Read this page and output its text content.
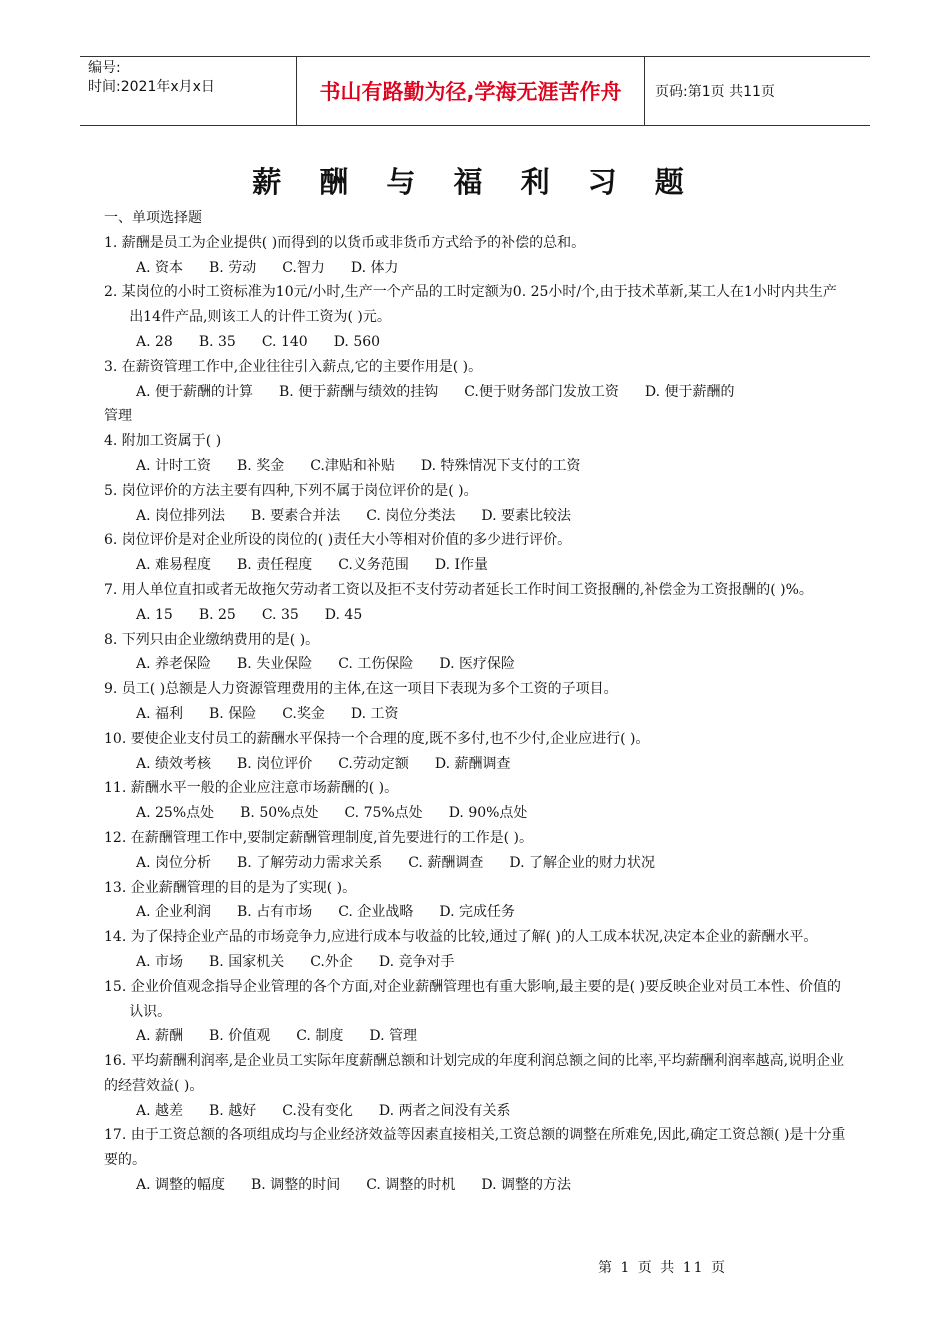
编号:
时间:2021年x月x日	书山有路勤为径,学海无涯苦作舟	页码:第1页 共11页
薪 酬 与 福 利 习 题
一、单项选择题
1. 薪酬是员工为企业提供( )而得到的以货币或非货币方式给予的补偿的总和。
A. 资本 B. 劳动 C.智力 D. 体力
2. 某岗位的小时工资标准为10元/小时,生产一个产品的工时定额为0. 25小时/个,由于技术革新,某工人在1小时内共生产出14件产品,则该工人的计件工资为( )元。
A. 28 B. 35 C. 140 D. 560
3. 在薪资管理工作中,企业往往引入薪点,它的主要作用是( )。
A. 便于薪酬的计算 B. 便于薪酬与绩效的挂钩 C.便于财务部门发放工资 D. 便于薪酬的
管理
4. 附加工资属于( )
A. 计时工资 B. 奖金 C.津贴和补贴 D. 特殊情况下支付的工资
5. 岗位评价的方法主要有四种,下列不属于岗位评价的是( )。
A. 岗位排列法 B. 要素合并法 C. 岗位分类法 D. 要素比较法
6. 岗位评价是对企业所设的岗位的( )责任大小等相对价值的多少进行评价。
A. 难易程度 B. 责任程度 C.义务范围 D. I作量
7. 用人单位直扣或者无故拖欠劳动者工资以及拒不支付劳动者延长工作时间工资报酬的,补偿金为工资报酬的( )%。
A. 15 B. 25 C. 35 D. 45
8. 下列只由企业缴纳费用的是( )。
A. 养老保险 B. 失业保险 C. 工伤保险 D. 医疗保险
9. 员工( )总额是人力资源管理费用的主体,在这一项目下表现为多个工资的子项目。
A. 福利 B. 保险 C.奖金 D. 工资
10. 要使企业支付员工的薪酬水平保持一个合理的度,既不多付,也不少付,企业应进行( )。
A. 绩效考核 B. 岗位评价 C.劳动定额 D. 薪酬调查
11. 薪酬水平一般的企业应注意市场薪酬的( )。
A. 25%点处 B. 50%点处 C. 75%点处 D. 90%点处
12. 在薪酬管理工作中,要制定薪酬管理制度,首先要进行的工作是( )。
A. 岗位分析 B. 了解劳动力需求关系 C. 薪酬调查 D. 了解企业的财力状况
13. 企业薪酬管理的目的是为了实现( )。
A. 企业利润 B. 占有市场 C. 企业战略 D. 完成任务
14. 为了保持企业产品的市场竞争力,应进行成本与收益的比较,通过了解( )的人工成本状况,决定本企业的薪酬水平。
A. 市场 B. 国家机关 C.外企 D. 竞争对手
15. 企业价值观念指导企业管理的各个方面,对企业薪酬管理也有重大影响,最主要的是( )要反映企业对员工本性、价值的认识。
A. 薪酬 B. 价值观 C. 制度 D. 管理
16. 平均薪酬利润率,是企业员工实际年度薪酬总额和计划完成的年度利润总额之间的比率,平均薪酬利润率越高,说明企业的经营效益( )。
A. 越差 B. 越好 C.没有变化 D. 两者之间没有关系
17. 由于工资总额的各项组成均与企业经济效益等因素直接相关,工资总额的调整在所难免,因此,确定工资总额( )是十分重要的。
A. 调整的幅度 B. 调整的时间 C. 调整的时机 D. 调整的方法
第 1 页 共 11 页
